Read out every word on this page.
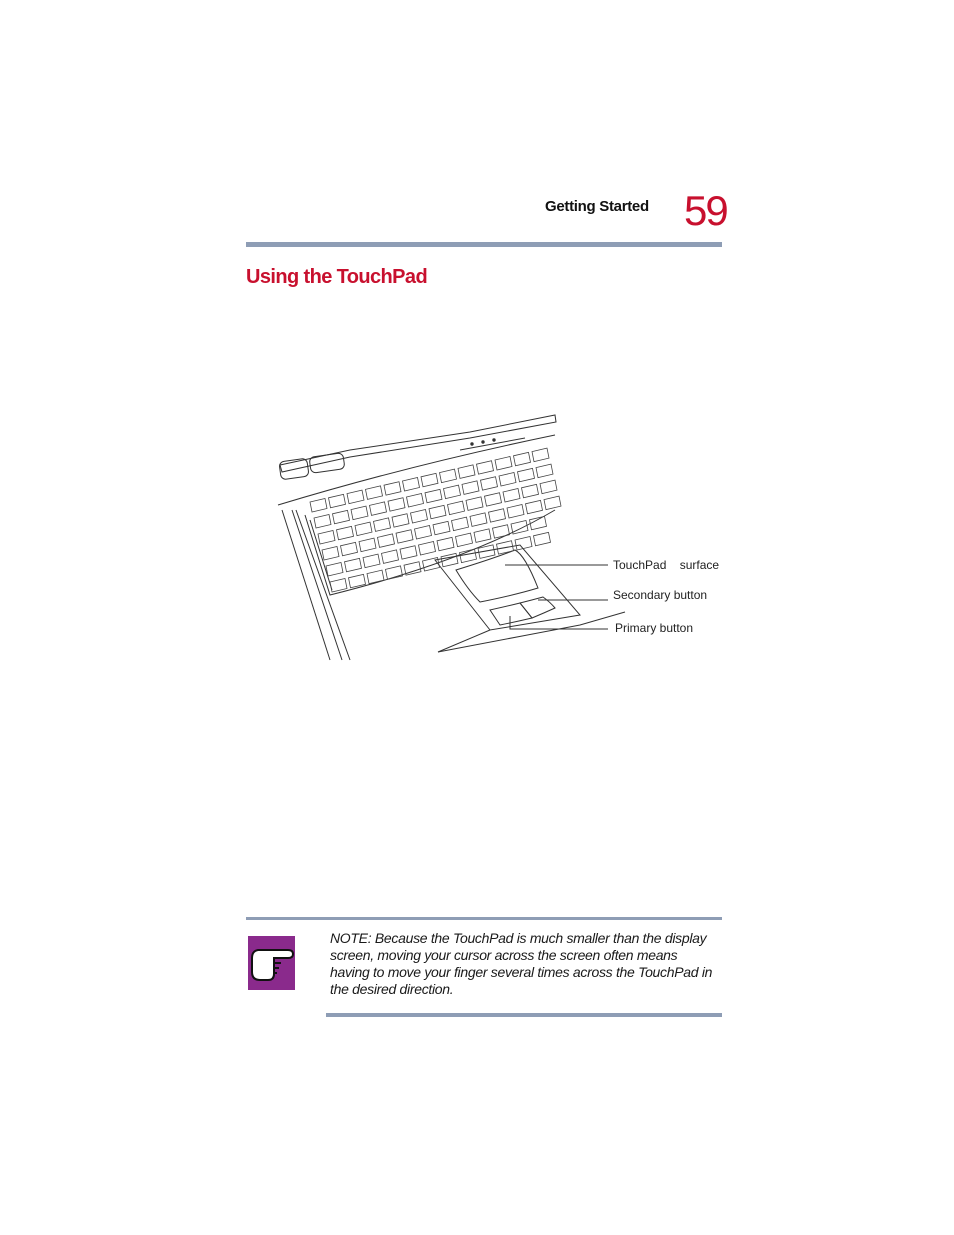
Getting Started 59
Using the TouchPad
TouchPad    surface
Secondary button
Primary button

NOTE: Because the TouchPad is much smaller than the display screen, moving your cursor across the screen often means having to move your finger several times across the TouchPad in the desired direction.
